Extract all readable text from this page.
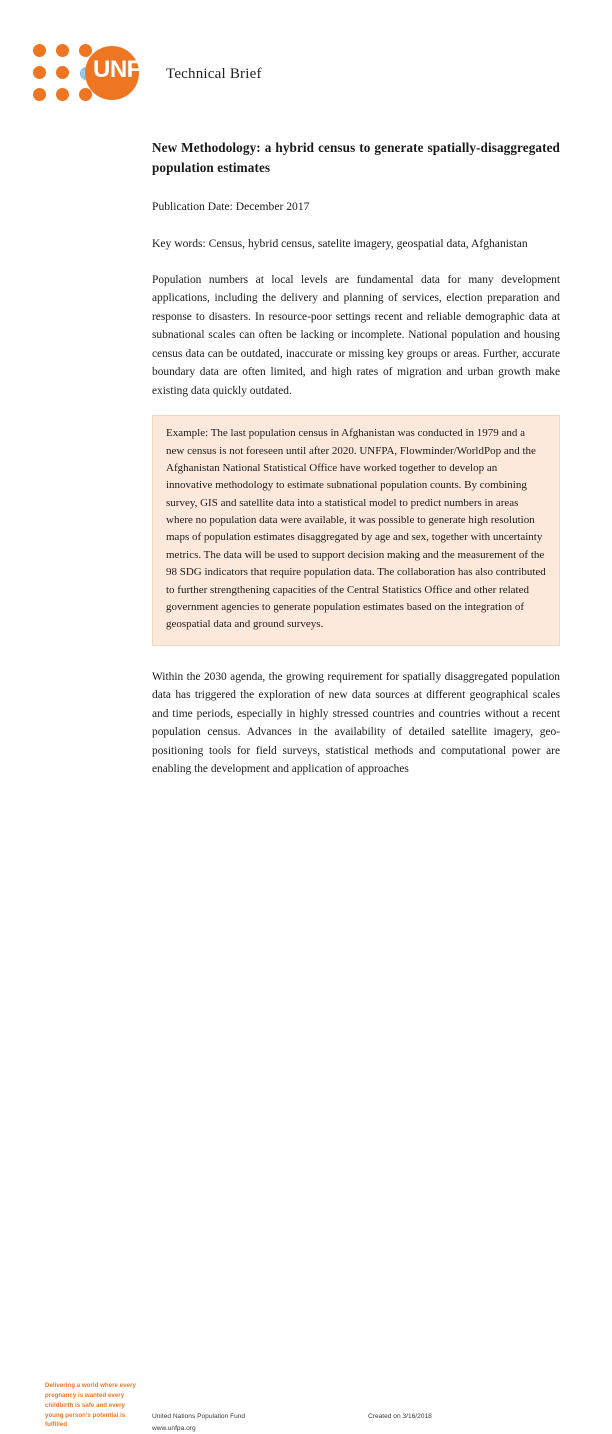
UNFPA
Technical Brief
New Methodology: a hybrid census to generate spatially-disaggregated population estimates

Publication Date: December 2017

Key words: Census, hybrid census, satelite imagery, geospatial data, Afghanistan

Population numbers at local levels are fundamental data for many development applications, including the delivery and planning of services, election preparation and response to disasters. In resource-poor settings recent and reliable demographic data at subnational scales can often be lacking or incomplete. National population and housing census data can be outdated, inaccurate or missing key groups or areas. Further, accurate boundary data are often limited, and high rates of migration and urban growth make existing data quickly outdated.

Example: The last population census in Afghanistan was conducted in 1979 and a new census is not foreseen until after 2020. UNFPA, Flowminder/WorldPop and the Afghanistan National Statistical Office have worked together to develop an innovative methodology to estimate subnational population counts. By combining survey, GIS and satellite data into a statistical model to predict numbers in areas where no population data were available, it was possible to generate high resolution maps of population estimates disaggregated by age and sex, together with uncertainty metrics. The data will be used to support decision making and the measurement of the 98 SDG indicators that require population data. The collaboration has also contributed to further strengthening capacities of the Central Statistics Office and other related government agencies to generate population estimates based on the integration of geospatial data and ground surveys.

Within the 2030 agenda, the growing requirement for spatially disaggregated population data has triggered the exploration of new data sources at different geographical scales and time periods, especially in highly stressed countries and countries without a recent population census. Advances in the availability of detailed satellite imagery, geo-positioning tools for field surveys, statistical methods and computational power are enabling the development and application of approaches

Delivering a world where every pregnancy is wanted every childbirth is safe and every young person's potential is fulfilled
United Nations Population Fund
www.unfpa.org
Created on 3/16/2018
